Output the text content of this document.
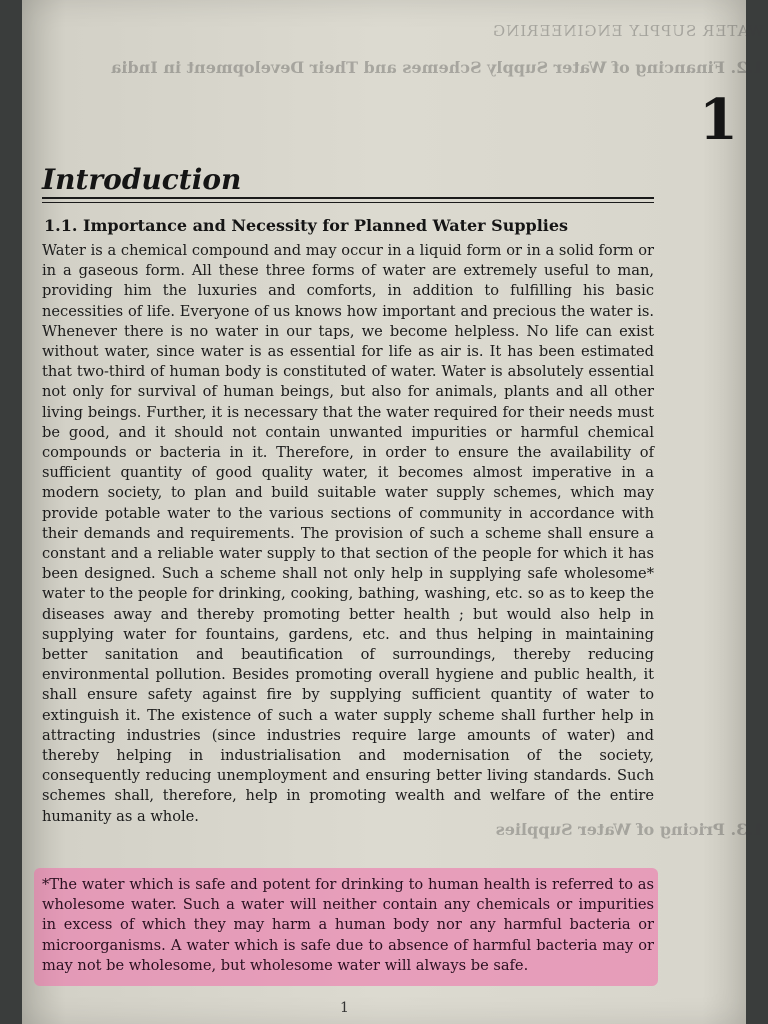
WATER SUPPLY ENGINEERING
1.2. Financing of Water Supply Schemes and Their Development in India
1.3. Pricing of Water Supplies
1
Introduction
1.1. Importance and Necessity for Planned Water Supplies
Water is a chemical compound and may occur in a liquid form or in a solid form or in a gaseous form. All these three forms of water are extremely useful to man, providing him the luxuries and comforts, in addition to fulfilling his basic necessities of life. Everyone of us knows how important and precious the water is. Whenever there is no water in our taps, we become helpless. No life can exist without water, since water is as essential for life as air is. It has been estimated that two-third of human body is constituted of water. Water is absolutely essential not only for survival of human beings, but also for animals, plants and all other living beings. Further, it is necessary that the water required for their needs must be good, and it should not contain unwanted impurities or harmful chemical compounds or bacteria in it. Therefore, in order to ensure the availability of sufficient quantity of good quality water, it becomes almost imperative in a modern society, to plan and build suitable water supply schemes, which may provide potable water to the various sections of community in accordance with their demands and requirements. The provision of such a scheme shall ensure a constant and a reliable water supply to that section of the people for which it has been designed. Such a scheme shall not only help in supplying safe wholesome* water to the people for drinking, cooking, bathing, washing, etc. so as to keep the diseases away and thereby promoting better health ; but would also help in supplying water for fountains, gardens, etc. and thus helping in maintaining better sanitation and beautification of surroundings, thereby reducing environmental pollution. Besides promoting overall hygiene and public health, it shall ensure safety against fire by supplying sufficient quantity of water to extinguish it. The existence of such a water supply scheme shall further help in attracting industries (since industries require large amounts of water) and thereby helping in industrialisation and modernisation of the society, consequently reducing unemployment and ensuring better living standards. Such schemes shall, therefore, help in promoting wealth and welfare of the entire humanity as a whole.
*The water which is safe and potent for drinking to human health is referred to as wholesome water. Such a water will neither contain any chemicals or impurities in excess of which they may harm a human body nor any harmful bacteria or microorganisms. A water which is safe due to absence of harmful bacteria may or may not be wholesome, but wholesome water will always be safe.
1
